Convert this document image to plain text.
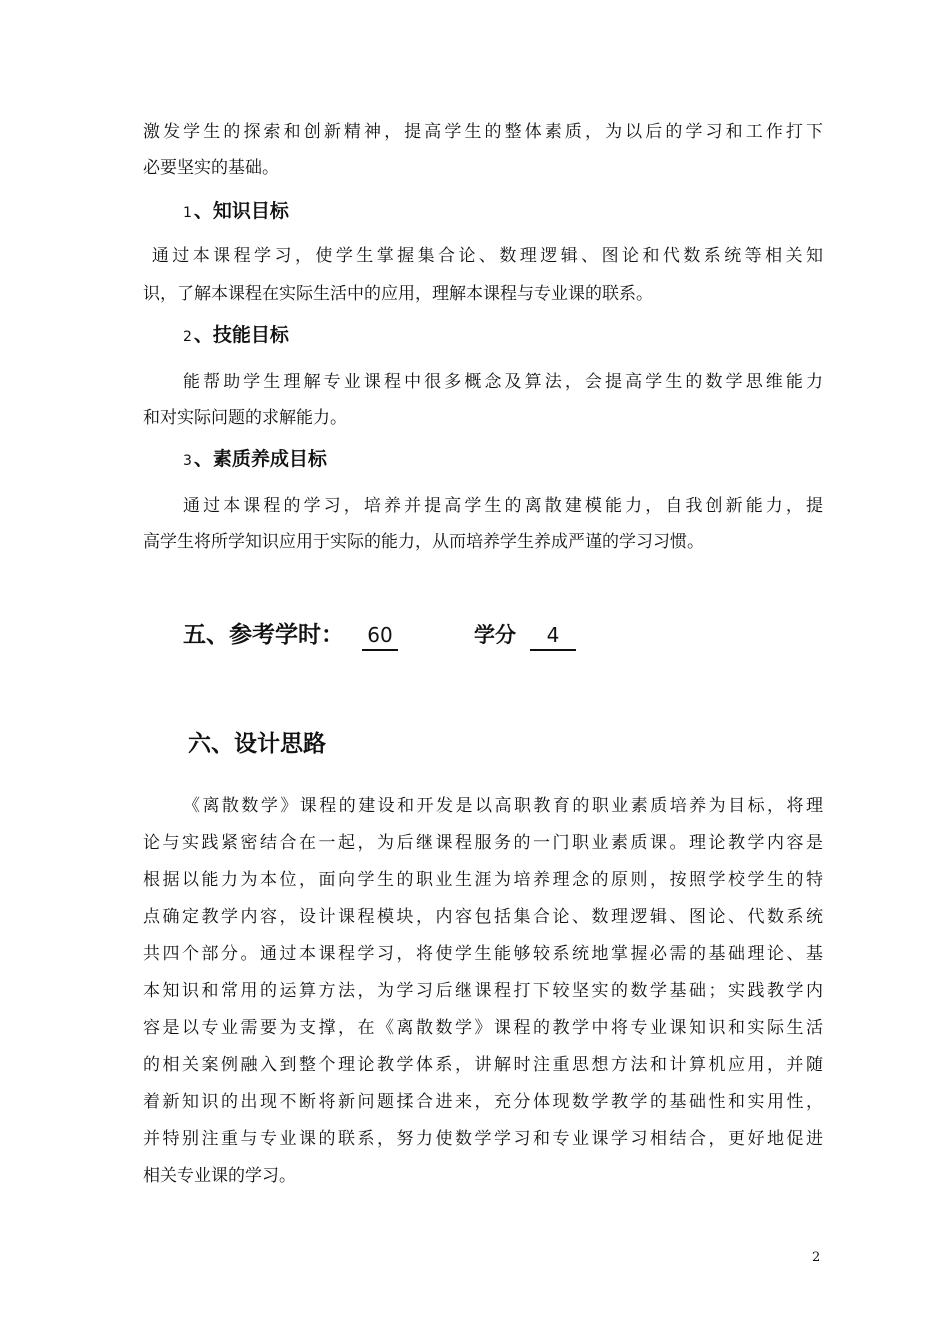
激发学生的探索和创新精神，提高学生的整体素质，为以后的学习和工作打下
必要坚实的基础。
1 、知识目标
通过本课程学习，使学生掌握集合论、数理逻辑、图论和代数系统等相关知
识，了解本课程在实际生活中的应用，理解本课程与专业课的联系。
2 、技能目标
能帮助学生理解专业课程中很多概念及算法，会提高学生的数学思维能力
和对实际问题的求解能力。
3 、素质养成目标
通过本课程的学习，培养并提高学生的离散建模能力，自我创新能力，提
高学生将所学知识应用于实际的能力，从而培养学生养成严谨的学习习惯。
五、参考学时： 60	学分	4
六、设计思路
《离散数学》课程的建设和开发是以高职教育的职业素质培养为目标，将理
论与实践紧密结合在一起，为后继课程服务的一门职业素质课。理论教学内容是
根据以能力为本位，面向学生的职业生涯为培养理念的原则，按照学校学生的特
点确定教学内容，设计课程模块，内容包括集合论、数理逻辑、图论、代数系统
共四个部分。通过本课程学习，将使学生能够较系统地掌握必需的基础理论、基
本知识和常用的运算方法，为学习后继课程打下较坚实的数学基础；实践教学内
容是以专业需要为支撑，在《离散数学》课程的教学中将专业课知识和实际生活
的相关案例融入到整个理论教学体系，讲解时注重思想方法和计算机应用，并随
着新知识的出现不断将新问题揉合进来，充分体现数学教学的基础性和实用性，
并特别注重与专业课的联系，努力使数学学习和专业课学习相结合，更好地促进
相关专业课的学习。
2
